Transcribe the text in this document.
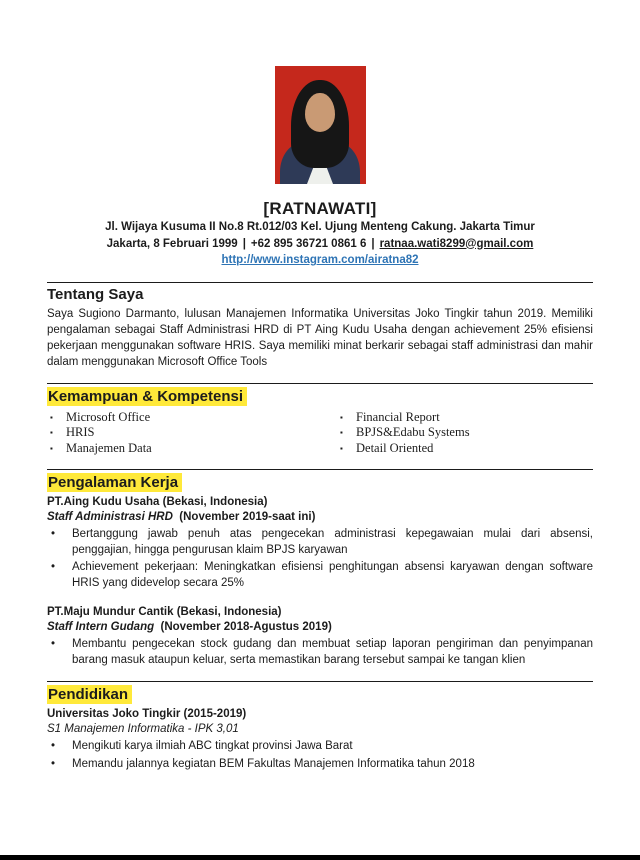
[RATNAWATI]
Jl. Wijaya Kusuma II No.8 Rt.012/03 Kel. Ujung Menteng Cakung. Jakarta Timur
Jakarta, 8 Februari 1999 | +62 895 36721 0861 6 | ratnaa.wati8299@gmail.com
http://www.instagram.com/airatna82
Tentang Saya
Saya Sugiono Darmanto, lulusan Manajemen Informatika Universitas Joko Tingkir tahun 2019. Memiliki pengalaman sebagai Staff Administrasi HRD di PT Aing Kudu Usaha dengan achievement 25% efisiensi pekerjaan menggunakan software HRIS. Saya memiliki minat berkarir sebagai staff administrasi dan mahir dalam menggunakan Microsoft Office Tools
Kemampuan & Kompetensi
▪	Microsoft Office
▪	HRIS
▪	Manajemen Data
▪	Financial Report
▪	BPJS&Edabu Systems
▪	Detail Oriented
Pengalaman Kerja
PT.Aing Kudu Usaha (Bekasi, Indonesia)
Staff Administrasi HRD (November 2019-saat ini)
•	Bertanggung jawab penuh atas pengecekan administrasi kepegawaian mulai dari absensi, penggajian, hingga pengurusan klaim BPJS karyawan
•	Achievement pekerjaan: Meningkatkan efisiensi penghitungan absensi karyawan dengan software HRIS yang didevelop secara 25%
PT.Maju Mundur Cantik (Bekasi, Indonesia)
Staff Intern Gudang (November 2018-Agustus 2019)
•	Membantu pengecekan stock gudang dan membuat setiap laporan pengiriman dan penyimpanan barang masuk ataupun keluar, serta memastikan barang tersebut sampai ke tangan klien
Pendidikan
Universitas Joko Tingkir (2015-2019)
S1 Manajemen Informatika - IPK 3,01
•	Mengikuti karya ilmiah ABC tingkat provinsi Jawa Barat
•	Memandu jalannya kegiatan BEM Fakultas Manajemen Informatika tahun 2018
